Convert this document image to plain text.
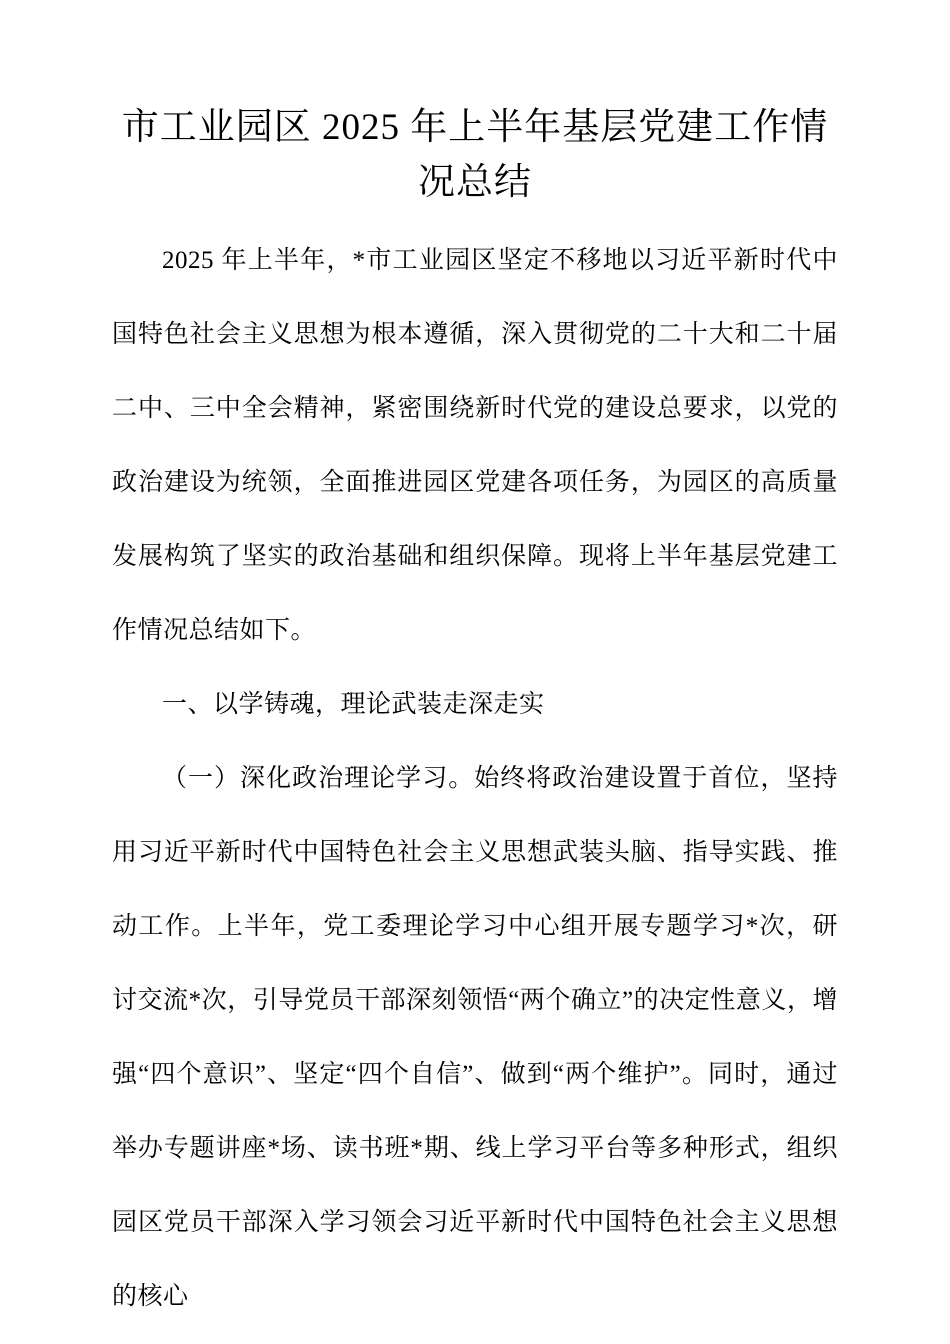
市工业园区 2025 年上半年基层党建工作情况总结

2025 年上半年，*市工业园区坚定不移地以习近平新时代中国特色社会主义思想为根本遵循，深入贯彻党的二十大和二十届二中、三中全会精神，紧密围绕新时代党的建设总要求，以党的政治建设为统领，全面推进园区党建各项任务，为园区的高质量发展构筑了坚实的政治基础和组织保障。现将上半年基层党建工作情况总结如下。

一、以学铸魂，理论武装走深走实

（一）深化政治理论学习。始终将政治建设置于首位，坚持用习近平新时代中国特色社会主义思想武装头脑、指导实践、推动工作。上半年，党工委理论学习中心组开展专题学习*次，研讨交流*次，引导党员干部深刻领悟“两个确立”的决定性意义，增强“四个意识”、坚定“四个自信”、做到“两个维护”。同时，通过举办专题讲座*场、读书班*期、线上学习平台等多种形式，组织园区党员干部深入学习领会习近平新时代中国特色社会主义思想的核心
